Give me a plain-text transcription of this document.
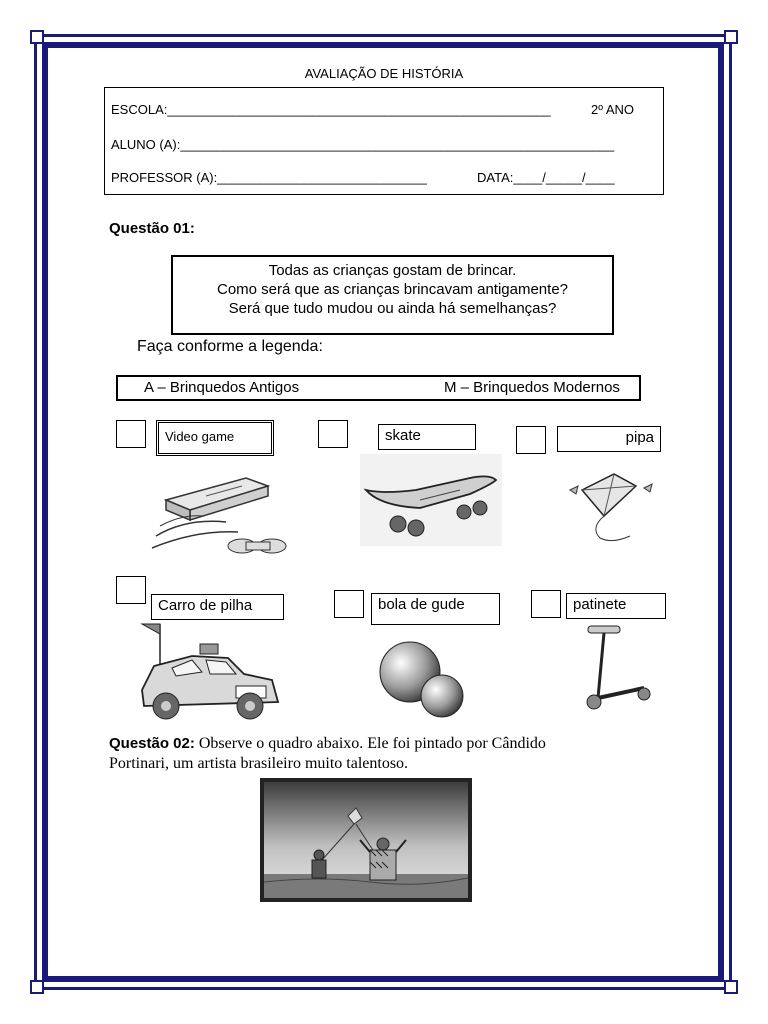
AVALIAÇÃO DE HISTÓRIA
ESCOLA:_____________________________________________________	2º ANO
ALUNO (A):____________________________________________________________
PROFESSOR (A):_____________________________	DATA:____/_____/____
Questão 01:
Todas as crianças gostam de brincar.
Como será que as crianças brincavam antigamente?
Será que tudo mudou ou ainda há semelhanças?
Faça conforme a legenda:
A – Brinquedos Antigos	M – Brinquedos Modernos
Video game	skate	pipa
Carro de pilha	bola de gude	patinete
Questão 02: Observe o quadro abaixo. Ele foi pintado por Cândido
Portinari, um artista brasileiro muito talentoso.
